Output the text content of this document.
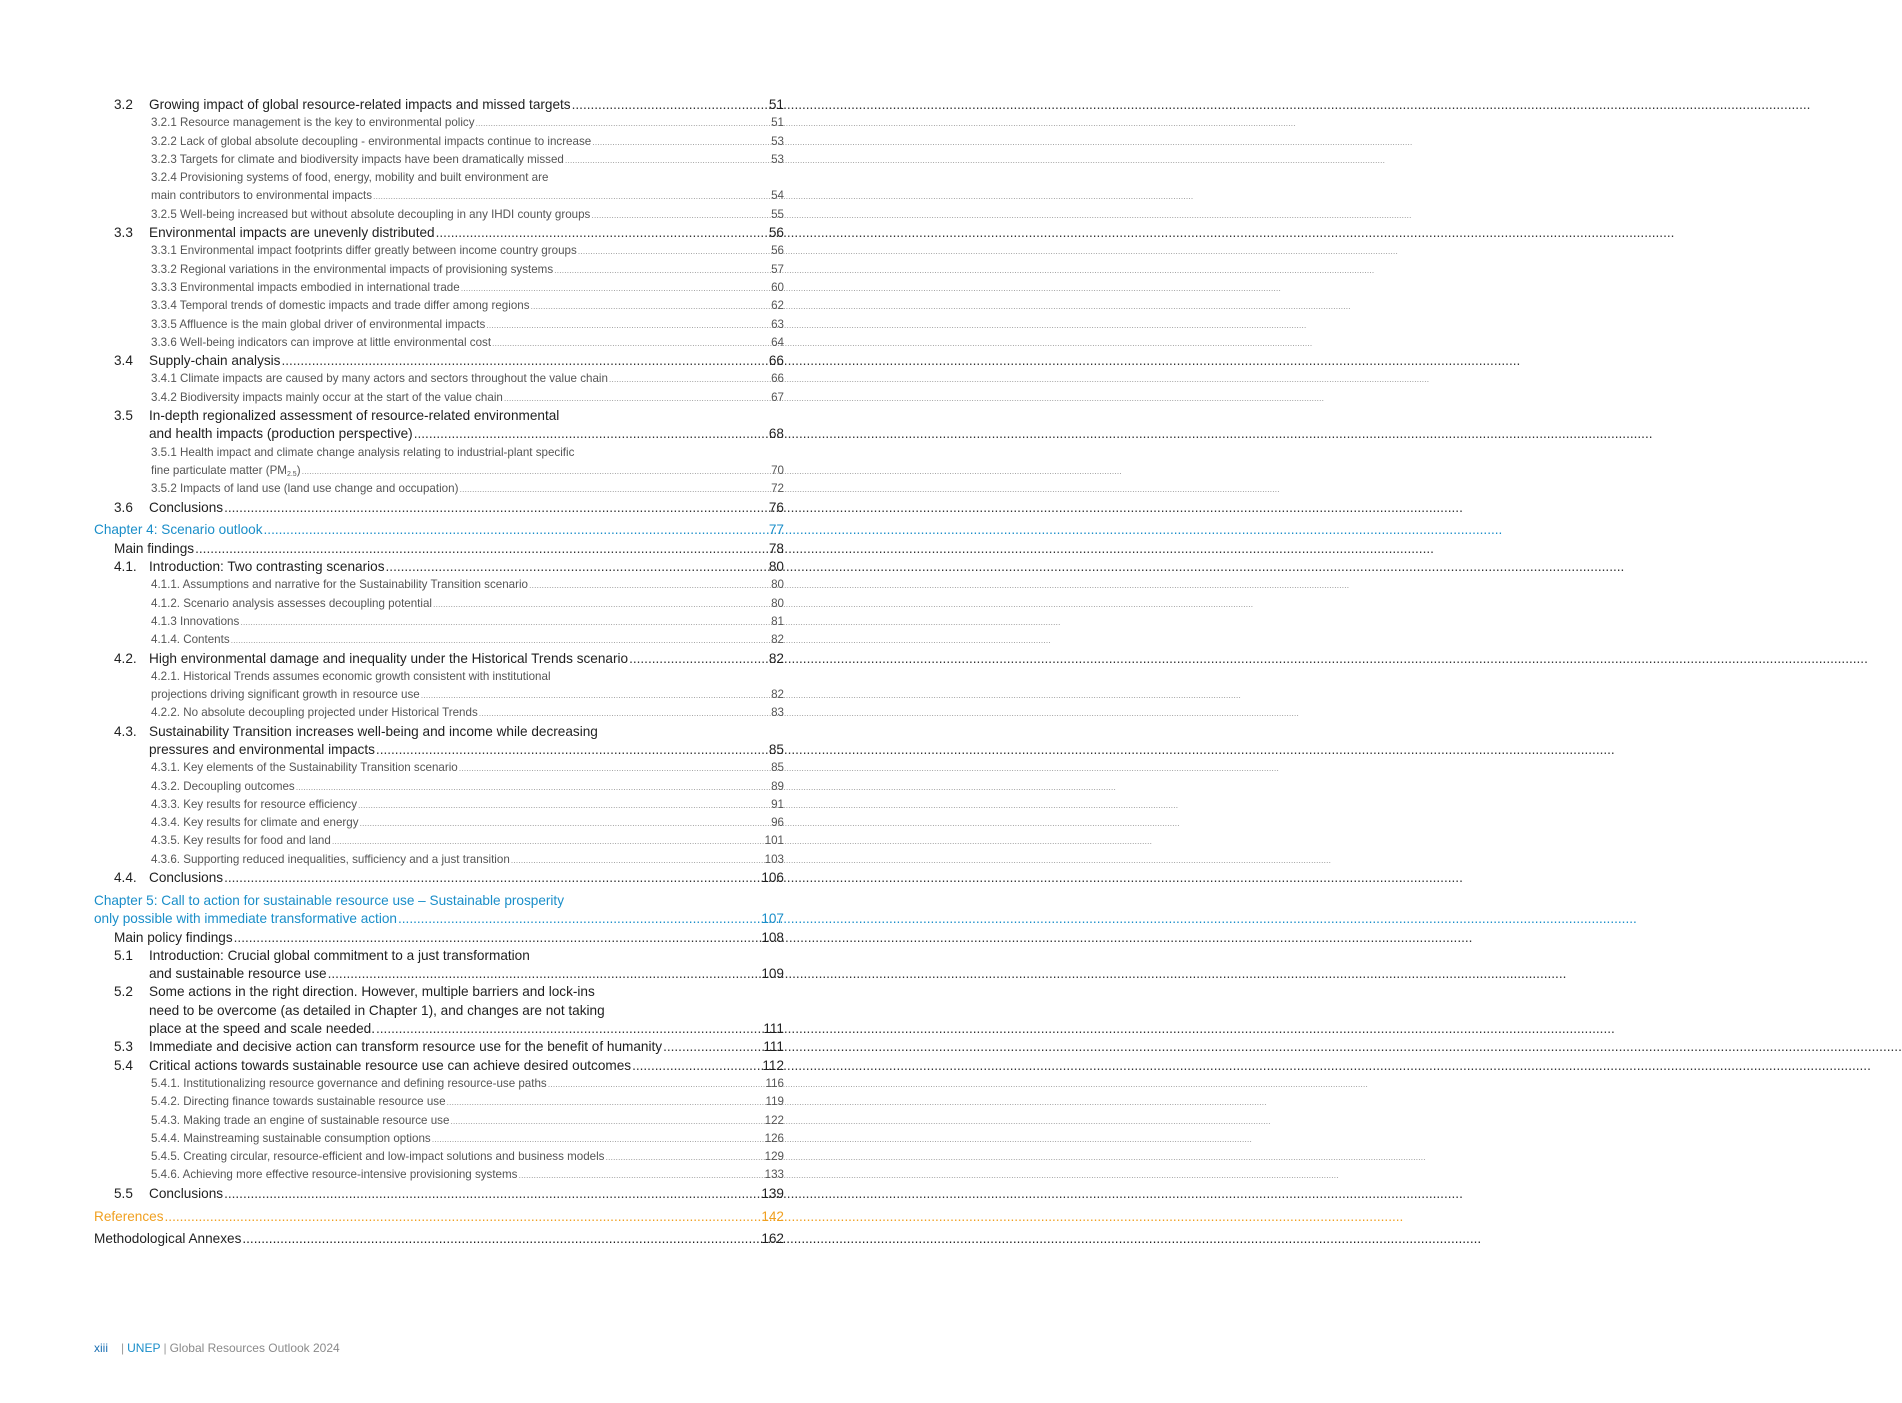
3.2 Growing impact of global resource-related impacts and missed targets .....	51
3.2.1 Resource management is the key to environmental policy .....	51
3.2.2 Lack of global absolute decoupling - environmental impacts continue to increase .....	53
3.2.3 Targets for climate and biodiversity impacts have been dramatically missed .....	53
3.2.4 Provisioning systems of food, energy, mobility and built environment are
main contributors to environmental impacts .....	54
3.2.5 Well-being increased but without absolute decoupling in any IHDI county groups .....	55
3.3 Environmental impacts are unevenly distributed .....	56
3.3.1 Environmental impact footprints differ greatly between income country groups .....	56
3.3.2 Regional variations in the environmental impacts of provisioning systems .....	57
3.3.3 Environmental impacts embodied in international trade .....	60
3.3.4 Temporal trends of domestic impacts and trade differ among regions .....	62
3.3.5 Affluence is the main global driver of environmental impacts .....	63
3.3.6 Well-being indicators can improve at little environmental cost .....	64
3.4 Supply-chain analysis .....	66
3.4.1 Climate impacts are caused by many actors and sectors throughout the value chain .....	66
3.4.2 Biodiversity impacts mainly occur at the start of the value chain .....	67
3.5 In-depth regionalized assessment of resource-related environmental
and health impacts (production perspective) .....	68
3.5.1 Health impact and climate change analysis relating to industrial-plant specific
fine particulate matter $(PM_{2.5})$ .....	70
3.5.2 Impacts of land use (land use change and occupation) .....	72
3.6 Conclusions .....	76
Chapter 4: Scenario outlook .....	77
Main findings .....	78
4.1. Introduction: Two contrasting scenarios .....	80
4.1.1. Assumptions and narrative for the Sustainability Transition scenario .....	80
4.1.2. Scenario analysis assesses decoupling potential .....	80
4.1.3 Innovations .....	81
4.1.4. Contents .....	82
4.2. High environmental damage and inequality under the Historical Trends scenario .....	82
4.2.1. Historical Trends assumes economic growth consistent with institutional
projections driving significant growth in resource use .....	82
4.2.2. No absolute decoupling projected under Historical Trends .....	83
4.3. Sustainability Transition increases well-being and income while decreasing
pressures and environmental impacts .....	85
4.3.1. Key elements of the Sustainability Transition scenario .....	85
4.3.2. Decoupling outcomes .....	89
4.3.3. Key results for resource efficiency .....	91
4.3.4. Key results for climate and energy .....	96
4.3.5. Key results for food and land .....	101
4.3.6. Supporting reduced inequalities, sufficiency and a just transition .....	103
4.4. Conclusions .....	106
Chapter 5: Call to action for sustainable resource use – Sustainable prosperity
only possible with immediate transformative action .....	107
Main policy findings .....	108
5.1 Introduction: Crucial global commitment to a just transformation
and sustainable resource use .....	109
5.2 Some actions in the right direction. However, multiple barriers and lock-ins
need to be overcome (as detailed in Chapter 1), and changes are not taking
place at the speed and scale needed. .....	111
5.3 Immediate and decisive action can transform resource use for the benefit of humanity .....	111
5.4 Critical actions towards sustainable resource use can achieve desired outcomes .....	112
5.4.1. Institutionalizing resource governance and defining resource-use paths .....	116
5.4.2. Directing finance towards sustainable resource use .....	119
5.4.3. Making trade an engine of sustainable resource use .....	122
5.4.4. Mainstreaming sustainable consumption options .....	126
5.4.5. Creating circular, resource-efficient and low-impact solutions and business models .....	129
5.4.6. Achieving more effective resource-intensive provisioning systems .....	133
5.5 Conclusions .....	139
References .....	142
Methodological Annexes .....	162
xiii | UNEP | Global Resources Outlook 2024
